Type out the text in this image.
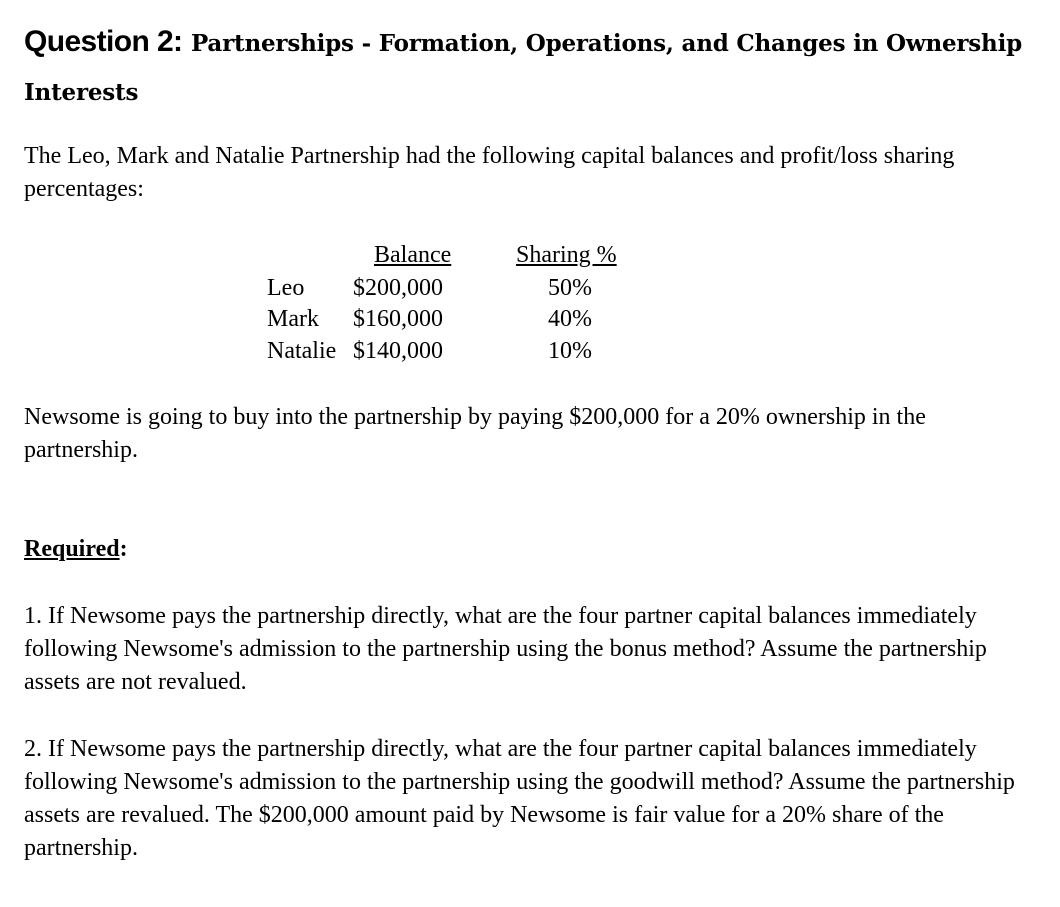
Question 2: Partnerships - Formation, Operations, and Changes in Ownership Interests
The Leo, Mark and Natalie Partnership had the following capital balances and profit/loss sharing percentages:
Balance	Sharing %
Leo $200,000	50%
Mark $160,000	40%
Natalie $140,000	10%
Newsome is going to buy into the partnership by paying $200,000 for a 20% ownership in the partnership.
Required:
1. If Newsome pays the partnership directly, what are the four partner capital balances immediately following Newsome's admission to the partnership using the bonus method? Assume the partnership assets are not revalued.
2. If Newsome pays the partnership directly, what are the four partner capital balances immediately following Newsome's admission to the partnership using the goodwill method? Assume the partnership assets are revalued. The $200,000 amount paid by Newsome is fair value for a 20% share of the partnership.
